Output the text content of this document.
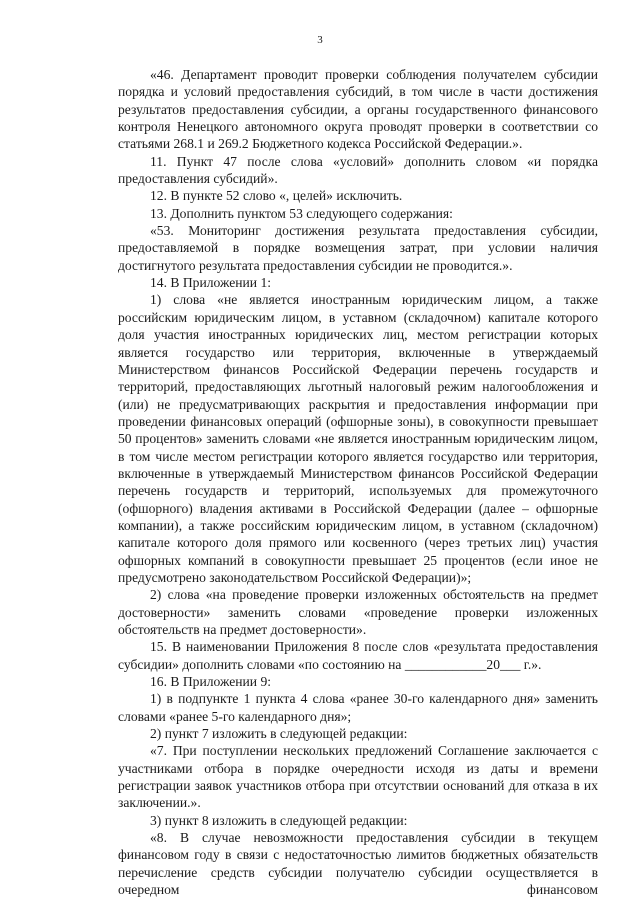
3

«46. Департамент проводит проверки соблюдения получателем субсидии порядка и условий предоставления субсидий, в том числе в части достижения результатов предоставления субсидии, а органы государственного финансового контроля Ненецкого автономного округа проводят проверки в соответствии со статьями 268.1 и 269.2 Бюджетного кодекса Российской Федерации.».

11. Пункт 47 после слова «условий» дополнить словом «и порядка предоставления субсидий».

12. В пункте 52 слово «, целей» исключить.

13. Дополнить пунктом 53 следующего содержания:

«53. Мониторинг достижения результата предоставления субсидии, предоставляемой в порядке возмещения затрат, при условии наличия достигнутого результата предоставления субсидии не проводится.».

14. В Приложении 1:

1) слова «не является иностранным юридическим лицом, а также российским юридическим лицом, в уставном (складочном) капитале которого доля участия иностранных юридических лиц, местом регистрации которых является государство или территория, включенные в утверждаемый Министерством финансов Российской Федерации перечень государств и территорий, предоставляющих льготный налоговый режим налогообложения и (или) не предусматривающих раскрытия и предоставления информации при проведении финансовых операций (офшорные зоны), в совокупности превышает 50 процентов» заменить словами «не является иностранным юридическим лицом, в том числе местом регистрации которого является государство или территория, включенные в утверждаемый Министерством финансов Российской Федерации перечень государств и территорий, используемых для промежуточного (офшорного) владения активами в Российской Федерации (далее – офшорные компании), а также российским юридическим лицом, в уставном (складочном) капитале которого доля прямого или косвенного (через третьих лиц) участия офшорных компаний в совокупности превышает 25 процентов (если иное не предусмотрено законодательством Российской Федерации)»;

2) слова «на проведение проверки изложенных обстоятельств на предмет достоверности» заменить словами «проведение проверки изложенных обстоятельств на предмет достоверности».

15. В наименовании Приложения 8 после слов «результата предоставления субсидии» дополнить словами «по состоянию на ____________20___ г.».

16. В Приложении 9:

1) в подпункте 1 пункта 4 слова «ранее 30-го календарного дня» заменить словами «ранее 5-го календарного дня»;

2) пункт 7 изложить в следующей редакции:

«7. При поступлении нескольких предложений Соглашение заключается с участниками отбора в порядке очередности исходя из даты и времени регистрации заявок участников отбора при отсутствии оснований для отказа в их заключении.».

3) пункт 8 изложить в следующей редакции:

«8. В случае невозможности предоставления субсидии в текущем финансовом году в связи с недостаточностью лимитов бюджетных обязательств перечисление средств субсидии получателю субсидии осуществляется в очередном финансовом
